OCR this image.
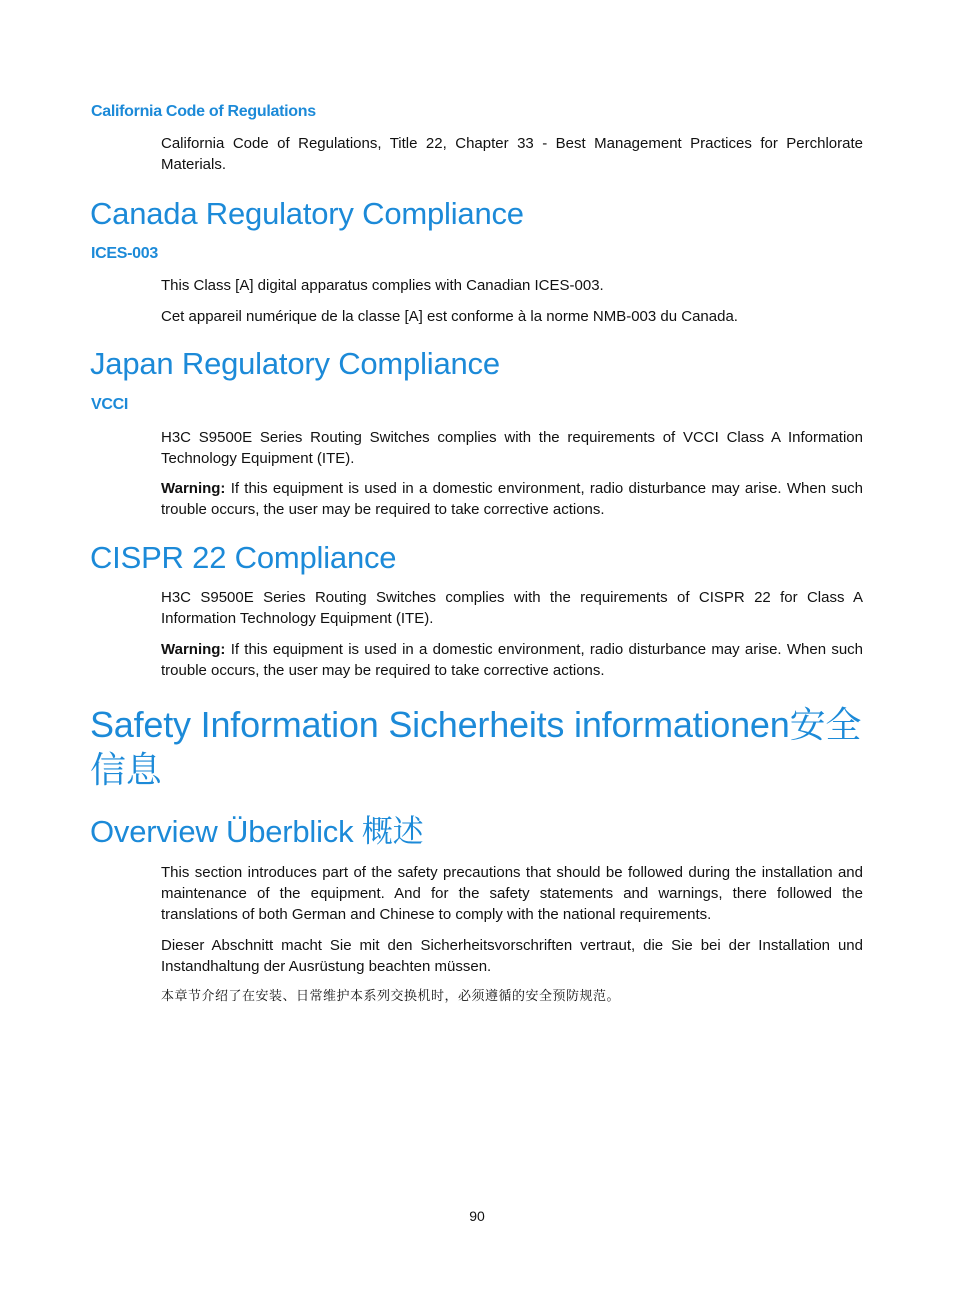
California Code of Regulations

California Code of Regulations, Title 22, Chapter 33 - Best Management Practices for Perchlorate Materials.

Canada Regulatory Compliance
ICES-003

This Class [A] digital apparatus complies with Canadian ICES-003.

Cet appareil numérique de la classe [A] est conforme à la norme NMB-003 du Canada.

Japan Regulatory Compliance
VCCI

H3C S9500E Series Routing Switches complies with the requirements of VCCI Class A Information Technology Equipment (ITE).

Warning: If this equipment is used in a domestic environment, radio disturbance may arise. When such trouble occurs, the user may be required to take corrective actions.

CISPR 22 Compliance

H3C S9500E Series Routing Switches complies with the requirements of CISPR 22 for Class A Information Technology Equipment (ITE).

Warning: If this equipment is used in a domestic environment, radio disturbance may arise. When such trouble occurs, the user may be required to take corrective actions.

Safety Information Sicherheits informationen安全信息
Overview Überblick 概述

This section introduces part of the safety precautions that should be followed during the installation and maintenance of the equipment. And for the safety statements and warnings, there followed the translations of both German and Chinese to comply with the national requirements.

Dieser Abschnitt macht Sie mit den Sicherheitsvorschriften vertraut, die Sie bei der Installation und Instandhaltung der Ausrüstung beachten müssen.

本章节介绍了在安装、日常维护本系列交换机时，必须遵循的安全预防规范。

90
